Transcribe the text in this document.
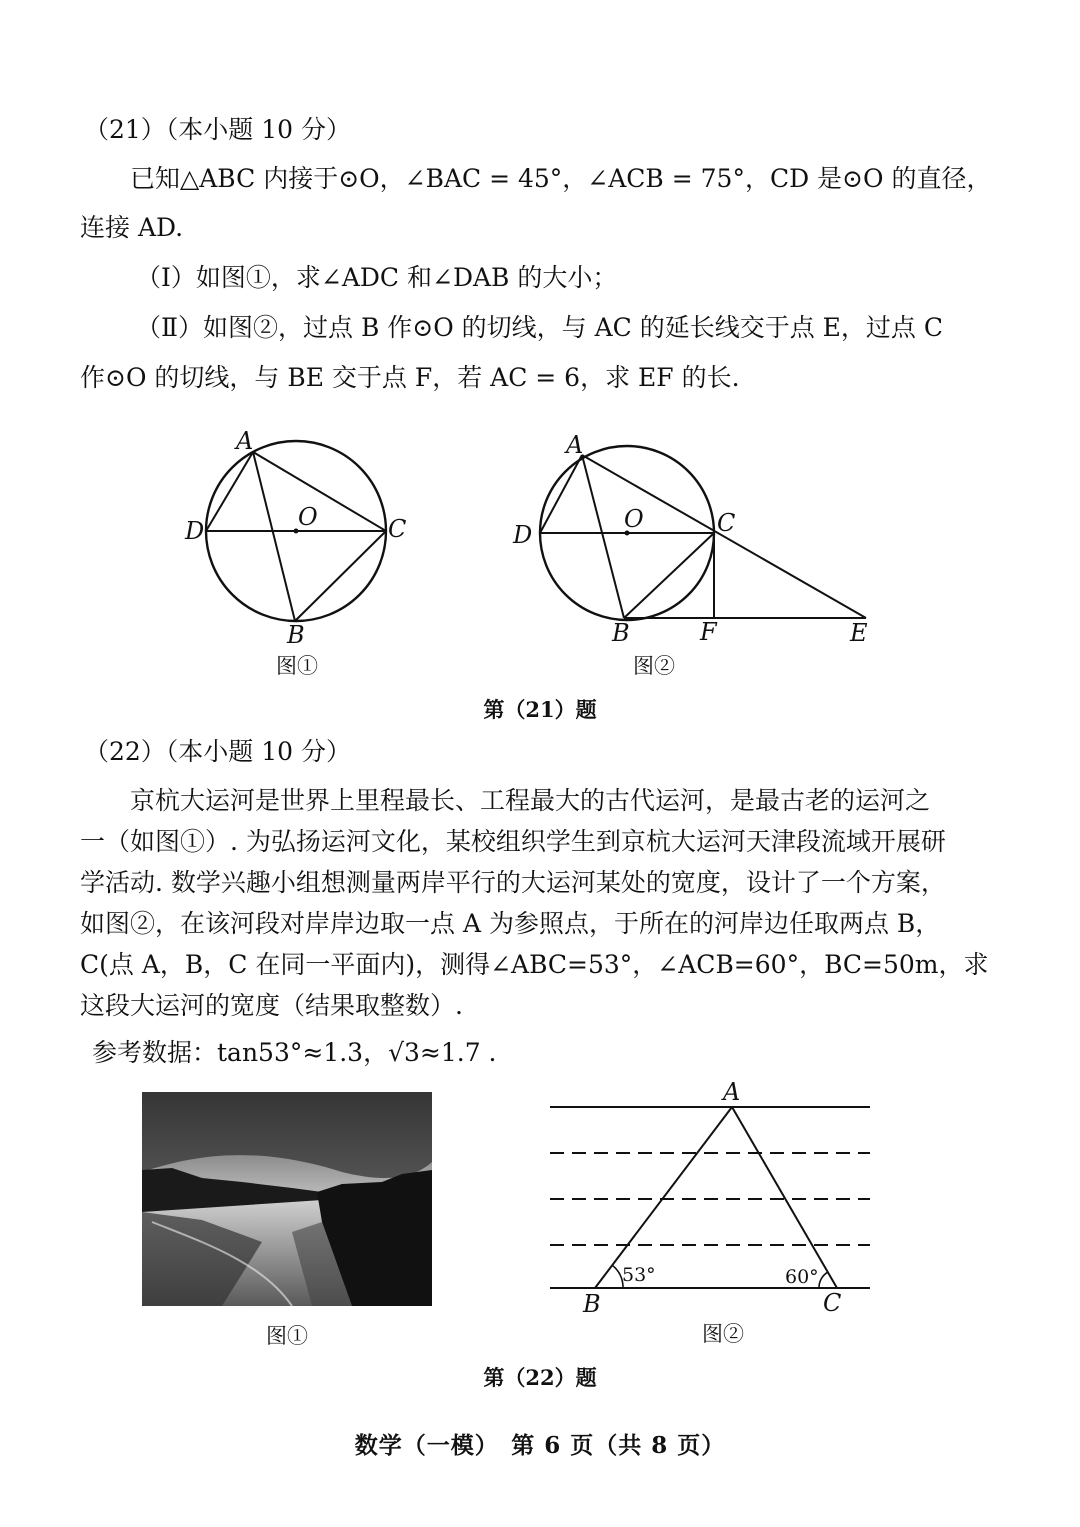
（21）（本小题 10 分）
已知△ABC 内接于⊙O，∠BAC = 45°，∠ACB = 75°，CD 是⊙O 的直径，
连接 AD.
（Ⅰ）如图①，求∠ADC 和∠DAB 的大小；
（Ⅱ）如图②，过点 B 作⊙O 的切线，与 AC 的延长线交于点 E，过点 C
作⊙O 的切线，与 BE 交于点 F，若 AC = 6，求 EF 的长.
A
D	O	C
B
图①
A
D
O	C
B	F	E
图②
第（21）题
（22）（本小题 10 分）
京杭大运河是世界上里程最长、工程最大的古代运河，是最古老的运河之
一（如图①）. 为弘扬运河文化，某校组织学生到京杭大运河天津段流域开展研
学活动. 数学兴趣小组想测量两岸平行的大运河某处的宽度，设计了一个方案，
如图②，在该河段对岸岸边取一点 A 为参照点，于所在的河岸边任取两点 B，
C(点 A，B，C 在同一平面内)，测得∠ABC=53°，∠ACB=60°，BC=50m，求
这段大运河的宽度（结果取整数）.
参考数据：tan53°≈1.3，√3≈1.7 .
图①
A
B	C
53°	60°
图②
第（22）题
数学（一模）　第 6 页（共 8 页）
